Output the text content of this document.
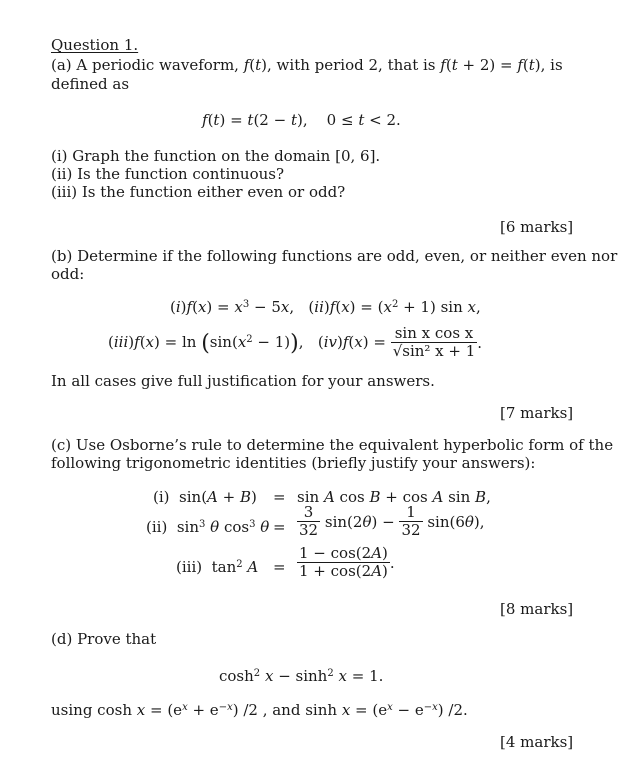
Question 1.
(a) A periodic waveform, f(t), with period 2, that is f(t + 2) = f(t), is
defined as
f(t) = t(2 − t),    0 ≤ t < 2.
(i) Graph the function on the domain [0, 6].
(ii) Is the function continuous?
(iii) Is the function either even or odd?
[6 marks]
(b) Determine if the following functions are odd, even, or neither even nor
odd:
$(i)f(x) = x^3 - 5x$,   $(ii)f(x) = (x^2 + 1)$ sin x,
$(iii)f(x) = \ln (\sin(x^2 - 1))$,   $(iv)f(x) = \frac{\text{sin x cos x}}{\text{√sin² x + 1}}$ .
In all cases give full justification for your answers.
[7 marks]
(c) Use Osborne’s rule to determine the equivalent hyperbolic form of the
following trigonometric identities (briefly justify your answers):
(i)  sin(A + B) = sin A cos B + cos A sin B,
(ii)  $\sin^3 \theta$ $\cos^3 \theta = \frac{3}{32} \sin(2\theta) - \frac{1}{32} \sin(6\theta)$,
(iii)  $\tan^2 A = \frac{1 - \cos(2A)}{1 + \cos(2A)}$ .
[8 marks]
(d) Prove that
$\cosh^2 x - \sinh^2 x = 1$.
using $\cosh x = (e^x + e^{-x})$ /2 , and $\sinh x = (e^x - e^{-x})$ /2.
[4 marks]
